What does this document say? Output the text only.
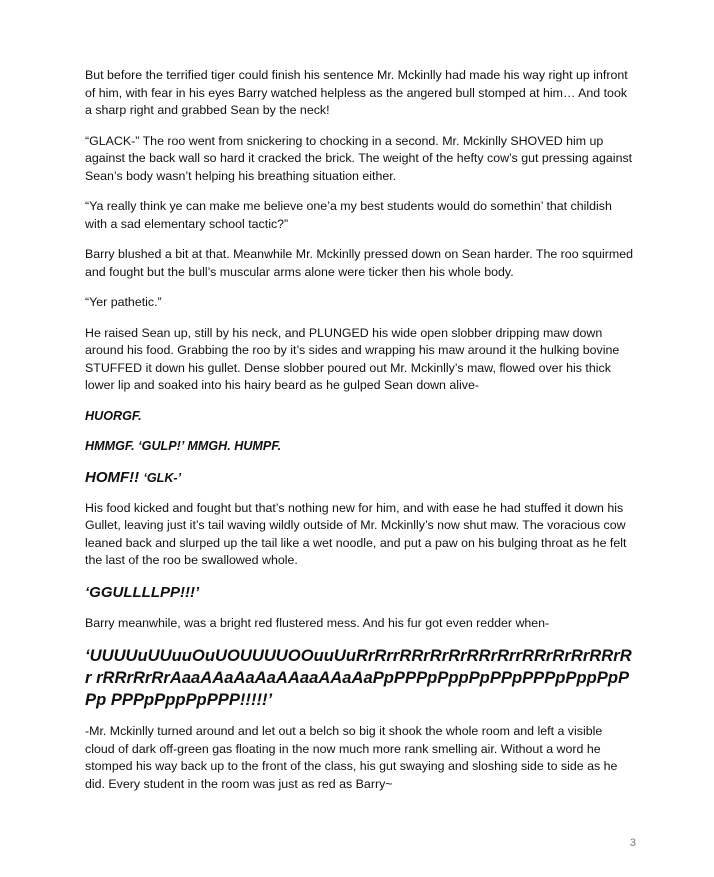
But before the terrified tiger could finish his sentence Mr. Mckinlly had made his way right up infront of him, with fear in his eyes Barry watched helpless as the angered bull stomped at him… And took a sharp right and grabbed Sean by the neck!

“GLACK-” The roo went from snickering to chocking in a second. Mr. Mckinlly SHOVED him up against the back wall so hard it cracked the brick. The weight of the hefty cow’s gut pressing against Sean’s body wasn’t helping his breathing situation either.

“Ya really think ye can make me believe one’a my best students would do somethin’ that childish with a sad elementary school tactic?”

Barry blushed a bit at that. Meanwhile Mr. Mckinlly pressed down on Sean harder. The roo squirmed and fought but the bull’s muscular arms alone were ticker then his whole body.

“Yer pathetic.”

He raised Sean up, still by his neck, and PLUNGED his wide open slobber dripping maw down around his food. Grabbing the roo by it’s sides and wrapping his maw around it the hulking bovine STUFFED it down his gullet. Dense slobber poured out Mr. Mckinlly’s maw, flowed over his thick lower lip and soaked into his hairy beard as he gulped Sean down alive-

HUORGF.

HMMGF. ‘GULP!’ MMGH. HUMPF.

HOMF!! ‘GLK-’

His food kicked and fought but that’s nothing new for him, and with ease he had stuffed it down his Gullet, leaving just it’s tail waving wildly outside of Mr. Mckinlly’s now shut maw. The voracious cow leaned back and slurped up the tail like a wet noodle, and put a paw on his bulging throat as he felt the last of the roo be swallowed whole.

‘GGULLLLPP!!!’

Barry meanwhile, was a bright red flustered mess. And his fur got even redder when-

‘UUUUuUUuuOuUOUUUUOOuuUuRrRrrRRrRrRrRRrRrrRRrRrRrRRrRr rRRrRrRrAaaAAaAaAaAAaaAAaAaPpPPPpPppPpPPpPPPpPppPpPPp PPPpPppPpPPP!!!!!’

-Mr. Mckinlly turned around and let out a belch so big it shook the whole room and left a visible cloud of dark off-green gas floating in the now much more rank smelling air. Without a word he stomped his way back up to the front of the class, his gut swaying and sloshing side to side as he did. Every student in the room was just as red as Barry~

3
